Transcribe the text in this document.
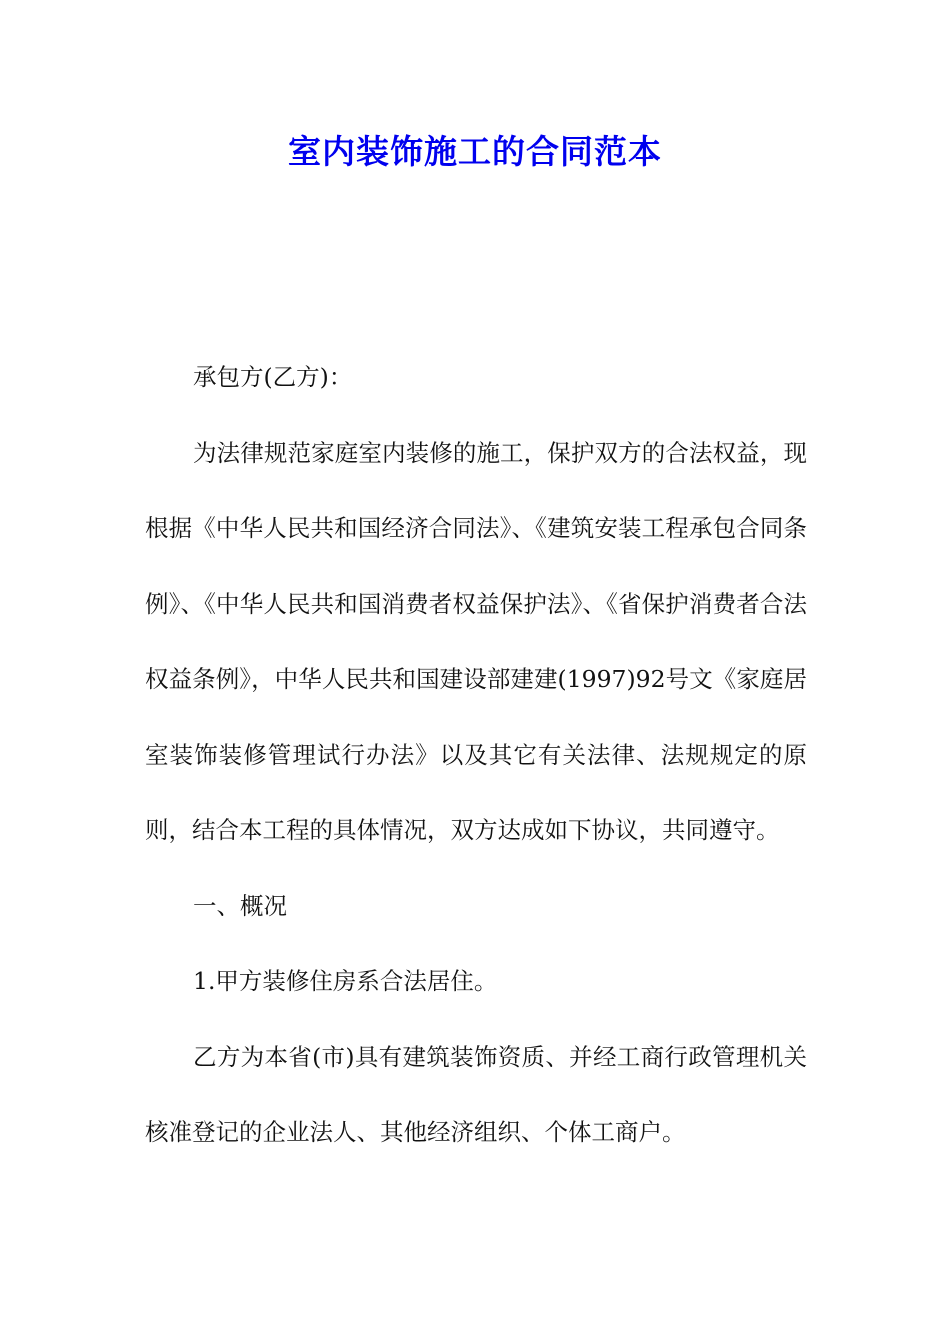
室内装饰施工的合同范本

承包方(乙方)：

为法律规范家庭室内装修的施工，保护双方的合法权益，现根据《中华人民共和国经济合同法》、《建筑安装工程承包合同条例》、《中华人民共和国消费者权益保护法》、《省保护消费者合法权益条例》，中华人民共和国建设部建建(1997)92号文《家庭居室装饰装修管理试行办法》以及其它有关法律、法规规定的原则，结合本工程的具体情况，双方达成如下协议，共同遵守。

一、概况

1.甲方装修住房系合法居住。

乙方为本省(市)具有建筑装饰资质、并经工商行政管理机关核准登记的企业法人、其他经济组织、个体工商户。
